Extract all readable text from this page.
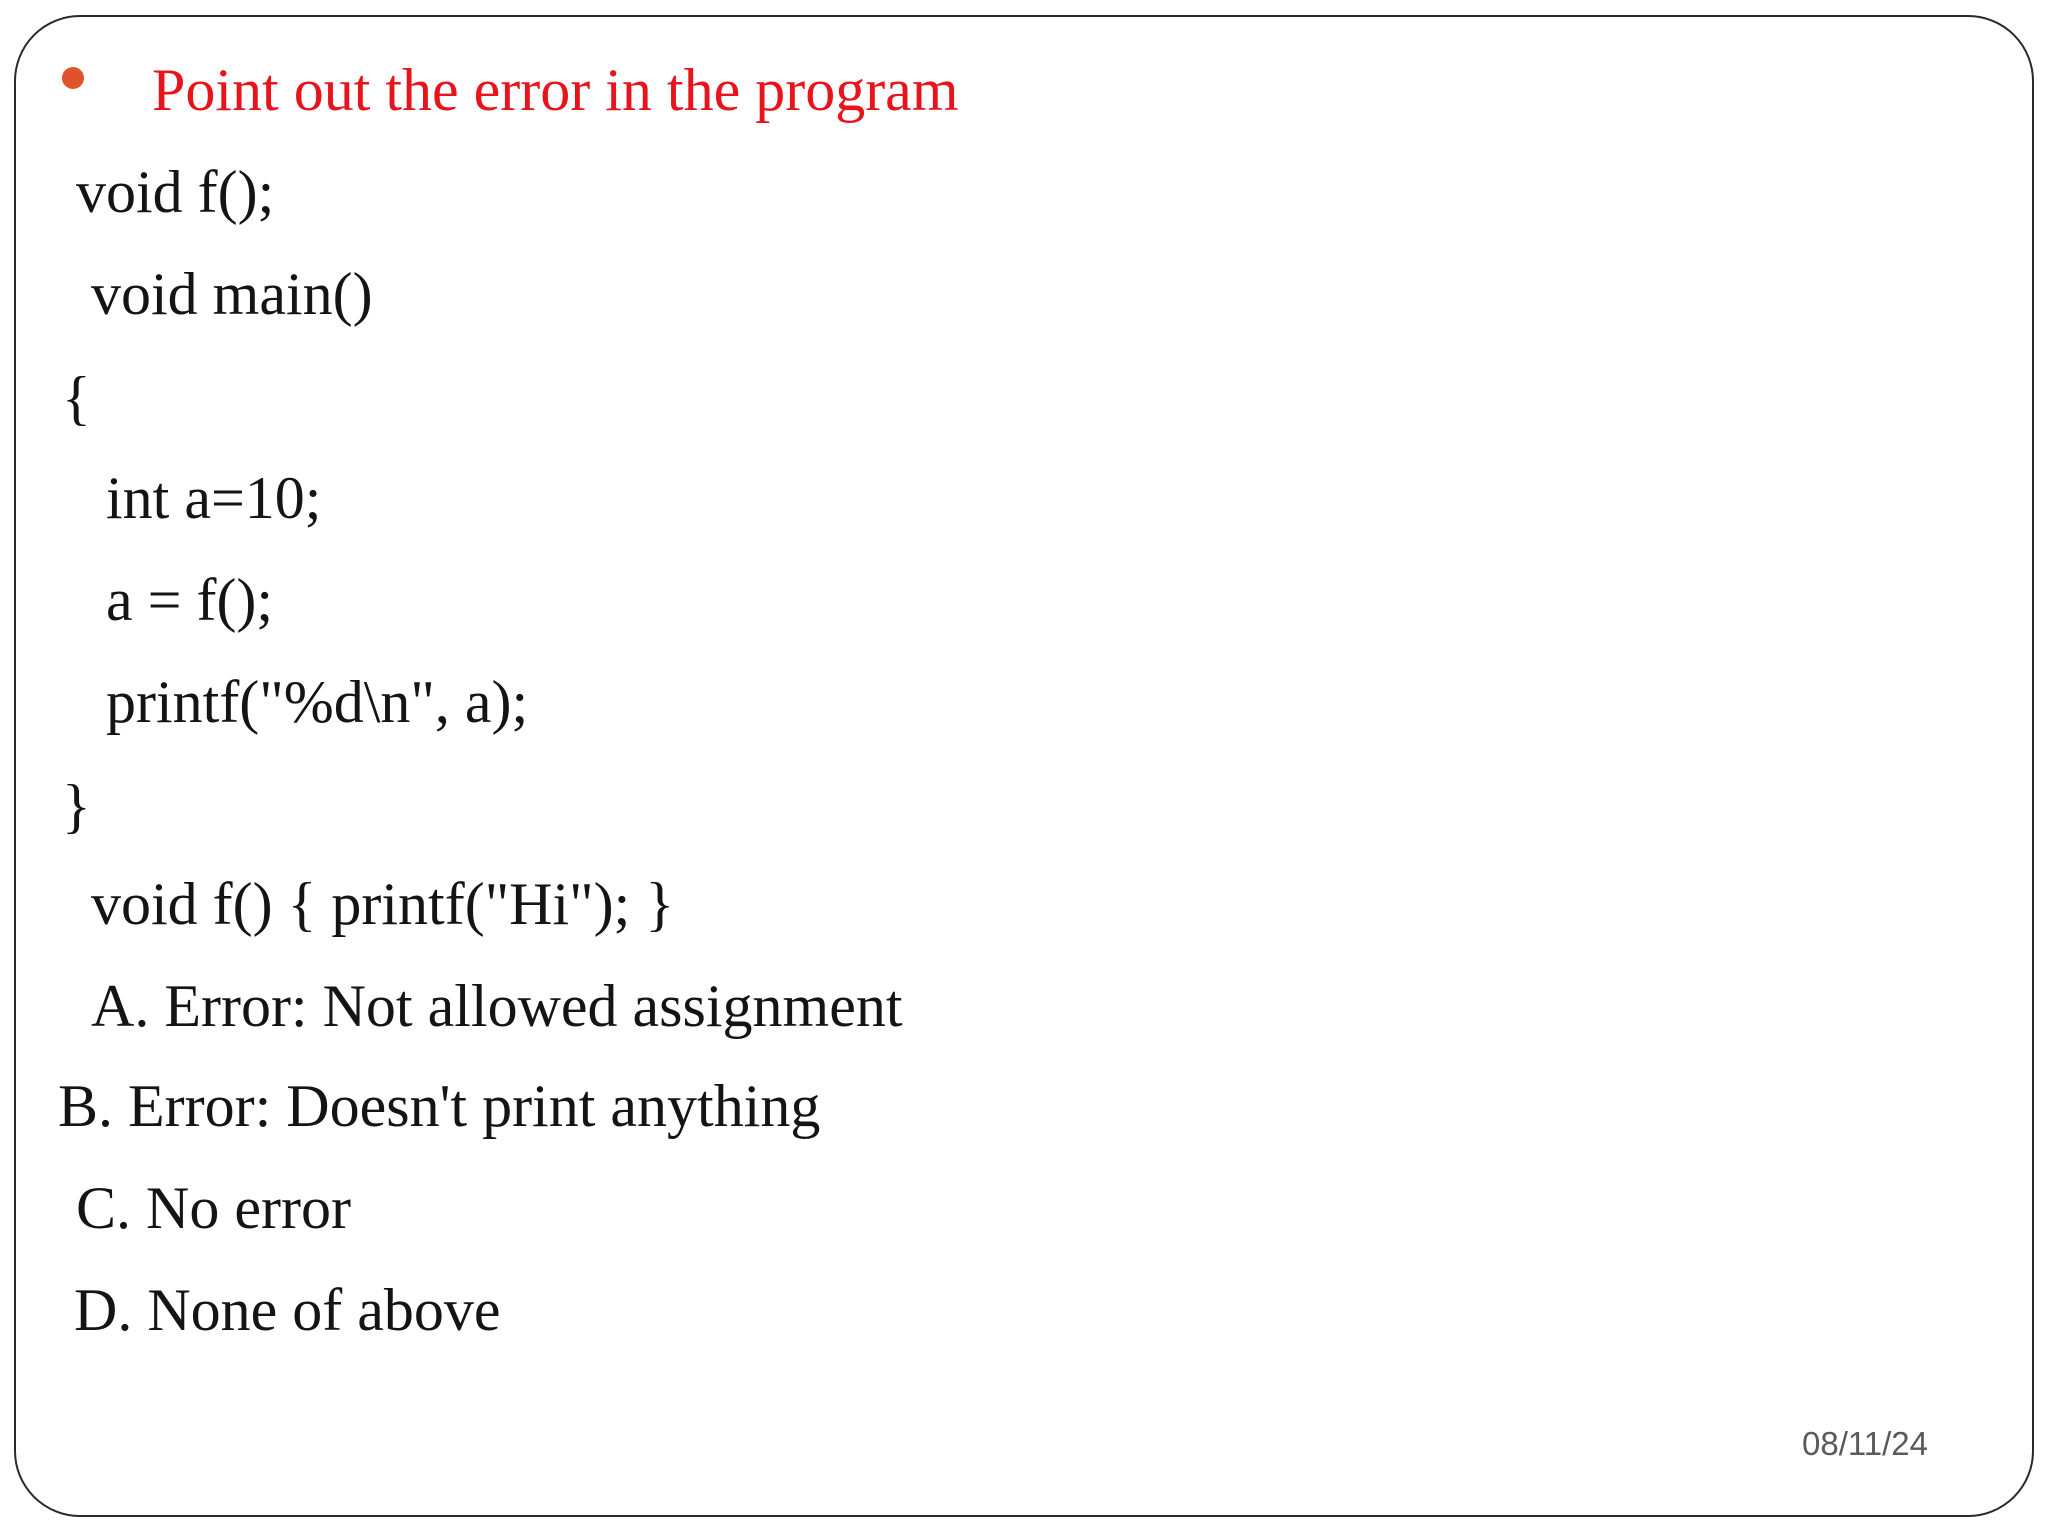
Point out the error in the program
void f();
void main()
{
int a=10;
a = f();
printf("%d\n", a);
}
void f() { printf("Hi"); }
A. Error: Not allowed assignment
B. Error: Doesn't print anything
C. No error
D. None of above
08/11/24
